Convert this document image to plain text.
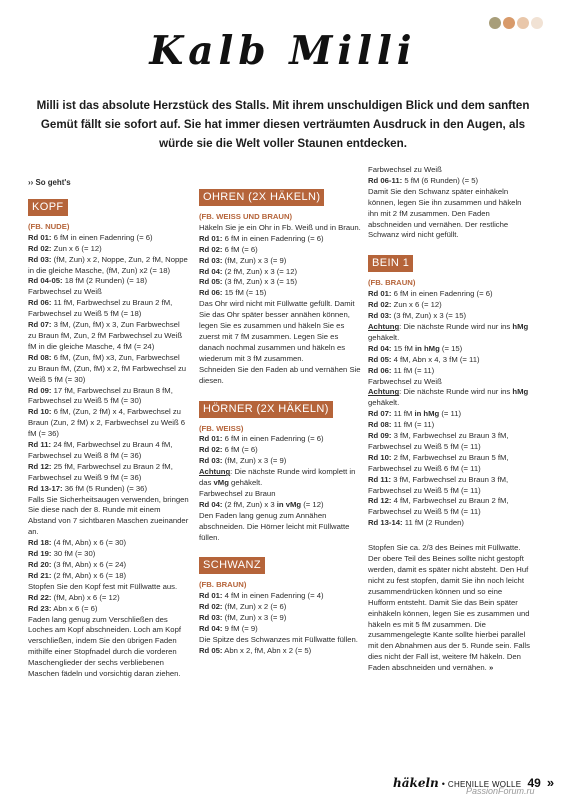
Kalb Milli
Milli ist das absolute Herzstück des Stalls. Mit ihrem unschuldigen Blick und dem sanften Gemüt fällt sie sofort auf. Sie hat immer diesen verträumten Ausdruck in den Augen, als würde sie die Welt voller Staunen entdecken.

›› So geht's

KOPF

(FB. NUDE)

Rd 01: 6 fM in einen Fadenring (= 6)

Rd 02: Zun x 6 (= 12)

Rd 03: (fM, Zun) x 2, Noppe, Zun, 2 fM, Noppe in die gleiche Masche, (fM, Zun) x2 (= 18)

Rd 04-05: 18 fM (2 Runden) (= 18)

Farbwechsel zu Weiß

Rd 06: 11 fM, Farbwechsel zu Braun 2 fM, Farbwechsel zu Weiß 5 fM (= 18)

Rd 07: 3 fM, (Zun, fM) x 3, Zun Farbwechsel zu Braun fM, Zun, 2 fM Farbwechsel zu Weiß fM in die gleiche Masche, 4 fM (= 24)

Rd 08: 6 fM, (Zun, fM) x3, Zun, Farbwechsel zu Braun fM, (Zun, fM) x 2, fM Farbwechsel zu Weiß 5 fM (= 30)

Rd 09: 17 fM, Farbwechsel zu Braun 8 fM, Farbwechsel zu Weiß 5 fM (= 30)

Rd 10: 6 fM, (Zun, 2 fM) x 4, Farbwechsel zu Braun (Zun, 2 fM) x 2, Farbwechsel zu Weiß 6 fM (= 36)

Rd 11: 24 fM, Farbwechsel zu Braun 4 fM, Farbwechsel zu Weiß 8 fM (= 36)

Rd 12: 25 fM, Farbwechsel zu Braun 2 fM, Farbwechsel zu Weiß 9 fM (= 36)

Rd 13-17: 36 fM (5 Runden) (= 36)

Falls Sie Sicherheitsaugen verwenden, bringen Sie diese nach der 8. Runde mit einem Abstand von 7 sichtbaren Maschen zueinander an.

Rd 18: (4 fM, Abn) x 6 (= 30)

Rd 19: 30 fM (= 30)

Rd 20: (3 fM, Abn) x 6 (= 24)

Rd 21: (2 fM, Abn) x 6 (= 18)

Stopfen Sie den Kopf fest mit Füllwatte aus.

Rd 22: (fM, Abn) x 6 (= 12)

Rd 23: Abn x 6 (= 6)

Faden lang genug zum Verschließen des Loches am Kopf abschneiden. Loch am Kopf verschließen, indem Sie den übrigen Faden mithilfe einer Stopfnadel durch die vorderen Maschenglieder der sechs verbliebenen Maschen fädeln und vorsichtig daran ziehen.

OHREN (2X HÄKELN)

(FB. WEISS UND BRAUN)

Häkeln Sie je ein Ohr in Fb. Weiß und in Braun.

Rd 01: 6 fM in einen Fadenring (= 6)

Rd 02: 6 fM (= 6)

Rd 03: (fM, Zun) x 3 (= 9)

Rd 04: (2 fM, Zun) x 3 (= 12)

Rd 05: (3 fM, Zun) x 3 (= 15)

Rd 06: 15 fM (= 15)

Das Ohr wird nicht mit Füllwatte gefüllt. Damit Sie das Ohr später besser annähen können, legen Sie es zusammen und häkeln Sie es zuerst mit 7 fM zusammen. Legen Sie es danach nochmal zusammen und häkeln es wiederum mit 3 fM zusammen.

Schneiden Sie den Faden ab und vernähen Sie diesen.

HÖRNER (2X HÄKELN)

(FB. WEISS)

Rd 01: 6 fM in einen Fadenring (= 6)

Rd 02: 6 fM (= 6)

Rd 03: (fM, Zun) x 3 (= 9)

Achtung: Die nächste Runde wird komplett in das vMg gehäkelt.

Farbwechsel zu Braun

Rd 04: (2 fM, Zun) x 3 in vMg (= 12)

Den Faden lang genug zum Annähen abschneiden. Die Hörner leicht mit Füllwatte füllen.

SCHWANZ

(FB. BRAUN)

Rd 01: 4 fM in einen Fadenring (= 4)

Rd 02: (fM, Zun) x 2 (= 6)

Rd 03: (fM, Zun) x 3 (= 9)

Rd 04: 9 fM (= 9)

Die Spitze des Schwanzes mit Füllwatte füllen.

Rd 05: Abn x 2, fM, Abn x 2 (= 5)

Farbwechsel zu Weiß

Rd 06-11: 5 fM (6 Runden) (= 5)

Damit Sie den Schwanz später einhäkeln können, legen Sie ihn zusammen und häkeln ihn mit 2 fM zusammen. Den Faden abschneiden und vernähen. Der restliche Schwanz wird nicht gefüllt.

BEIN 1

(FB. BRAUN)

Rd 01: 6 fM in einen Fadenring (= 6)

Rd 02: Zun x 6 (= 12)

Rd 03: (3 fM, Zun) x 3 (= 15)

Achtung: Die nächste Runde wird nur ins hMg gehäkelt.

Rd 04: 15 fM in hMg (= 15)

Rd 05: 4 fM, Abn x 4, 3 fM (= 11)

Rd 06: 11 fM (= 11)

Farbwechsel zu Weiß

Achtung: Die nächste Runde wird nur ins hMg gehäkelt.

Rd 07: 11 fM in hMg (= 11)

Rd 08: 11 fM (= 11)

Rd 09: 3 fM, Farbwechsel zu Braun 3 fM, Farbwechsel zu Weiß 5 fM (= 11)

Rd 10: 2 fM, Farbwechsel zu Braun 5 fM, Farbwechsel zu Weiß 6 fM (= 11)

Rd 11: 3 fM, Farbwechsel zu Braun 3 fM, Farbwechsel zu Weiß 5 fM (= 11)

Rd 12: 4 fM, Farbwechsel zu Braun 2 fM, Farbwechsel zu Weiß 5 fM (= 11)

Rd 13-14: 11 fM (2 Runden)

Stopfen Sie ca. 2/3 des Beines mit Füllwatte. Der obere Teil des Beines sollte nicht gestopft werden, damit es später nicht absteht. Den Huf nicht zu fest stopfen, damit Sie ihn noch leicht zusammendrücken können und so eine Hufform entsteht. Damit Sie das Bein später einhäkeln können, legen Sie es zusammen und häkeln es mit 5 fM zusammen. Die zusammengelegte Kante sollte hierbei parallel mit den Abnahmen aus der 5. Runde sein. Falls dies nicht der Fall ist, weitere fM häkeln. Den Faden abschneiden und vernähen. »

häkeln • CHENILLE WOLLE 49 »
PassionForum.ru
